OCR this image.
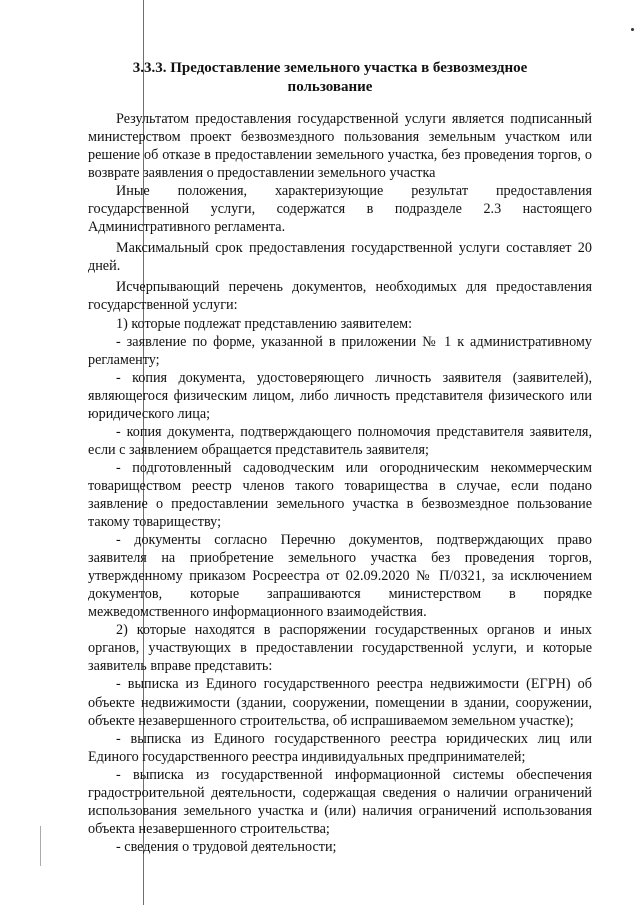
3.3.3. Предоставление земельного участка в безвозмездное
пользование

Результатом предоставления государственной услуги является подписанный министерством проект безвозмездного пользования земельным участком или решение об отказе в предоставлении земельного участка, без проведения торгов, о возврате заявления о предоставлении земельного участка

Иные положения, характеризующие результат предоставления государственной услуги, содержатся в подразделе 2.3 настоящего Административного регламента.

Максимальный срок предоставления государственной услуги составляет 20 дней.

Исчерпывающий перечень документов, необходимых для предоставления государственной услуги:

1) которые подлежат представлению заявителем:

- заявление по форме, указанной в приложении № 1 к административному регламенту;

- копия документа, удостоверяющего личность заявителя (заявителей), являющегося физическим лицом, либо личность представителя физического или юридического лица;

- копия документа, подтверждающего полномочия представителя заявителя, если с заявлением обращается представитель заявителя;

- подготовленный садоводческим или огородническим некоммерческим товариществом реестр членов такого товарищества в случае, если подано заявление о предоставлении земельного участка в безвозмездное пользование такому товариществу;

- документы согласно Перечню документов, подтверждающих право заявителя на приобретение земельного участка без проведения торгов, утвержденному приказом Росреестра от 02.09.2020 № П/0321, за исключением документов, которые запрашиваются министерством в порядке межведомственного информационного взаимодействия.

2) которые находятся в распоряжении государственных органов и иных органов, участвующих в предоставлении государственной услуги, и которые заявитель вправе представить:

- выписка из Единого государственного реестра недвижимости (ЕГРН) об объекте недвижимости (здании, сооружении, помещении в здании, сооружении, объекте незавершенного строительства, об испрашиваемом земельном участке);

- выписка из Единого государственного реестра юридических лиц или Единого государственного реестра индивидуальных предпринимателей;

- выписка из государственной информационной системы обеспечения градостроительной деятельности, содержащая сведения о наличии ограничений использования земельного участка и (или) наличия ограничений использования объекта незавершенного строительства;

- сведения о трудовой деятельности;
